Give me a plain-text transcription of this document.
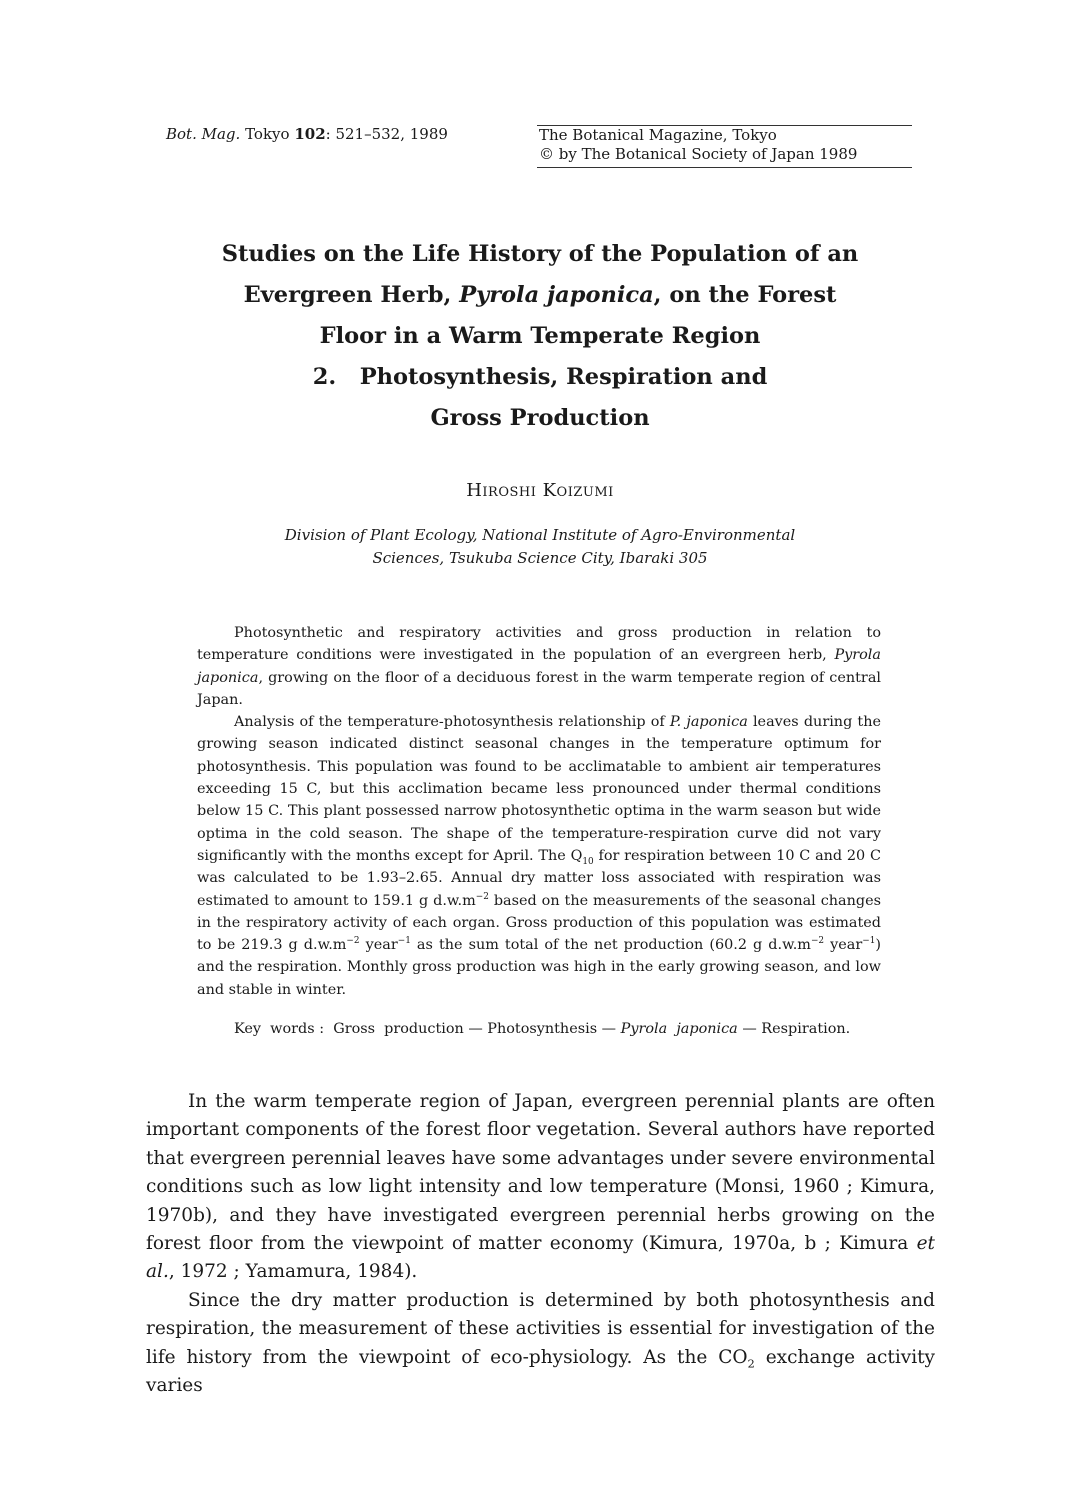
Bot. Mag. Tokyo 102: 521–532, 1989	The Botanical Magazine, Tokyo
© by The Botanical Society of Japan 1989
Studies on the Life History of the Population of an
Evergreen Herb, Pyrola japonica, on the Forest
Floor in a Warm Temperate Region
2.   Photosynthesis, Respiration and
Gross Production
Hiroshi Koizumi
Division of Plant Ecology, National Institute of Agro-Environmental
Sciences, Tsukuba Science City, Ibaraki 305

Photosynthetic and respiratory activities and gross production in relation to temperature conditions were investigated in the population of an evergreen herb, Pyrola japonica, growing on the floor of a deciduous forest in the warm temperate region of central Japan.

Analysis of the temperature-photosynthesis relationship of P. japonica leaves during the growing season indicated distinct seasonal changes in the temperature optimum for photosynthesis. This population was found to be acclimatable to ambient air temperatures exceeding 15 C, but this acclimation became less pronounced under thermal conditions below 15 C. This plant possessed narrow photosynthetic optima in the warm season but wide optima in the cold season. The shape of the temperature-respiration curve did not vary significantly with the months except for April. The $Q_{10}$ for respiration between 10 C and 20 C was calculated to be 1.93–2.65. Annual dry matter loss associated with respiration was estimated to amount to 159.1 g $d.w.m^{-2}$ based on the measurements of the seasonal changes in the respiratory activity of each organ. Gross production of this population was estimated to be 219.3 g $d.w.m^{-2}$ year$^{-1}$ as the sum total of the net production (60.2 g $d.w.m^{-2}$ year$^{-1}$) and the respiration. Monthly gross production was high in the early growing season, and low and stable in winter.

Key  words :  Gross  production — Photosynthesis — Pyrola  japonica — Respiration.

In the warm temperate region of Japan, evergreen perennial plants are often important components of the forest floor vegetation. Several authors have reported that evergreen perennial leaves have some advantages under severe environmental conditions such as low light intensity and low temperature (Monsi, 1960 ; Kimura, 1970b), and they have investigated evergreen perennial herbs growing on the forest floor from the viewpoint of matter economy (Kimura, 1970a, b ; Kimura et al., 1972 ; Yamamura, 1984).

Since the dry matter production is determined by both photosynthesis and respiration, the measurement of these activities is essential for investigation of the life history from the viewpoint of eco-physiology. As the $CO_2$ exchange activity varies
